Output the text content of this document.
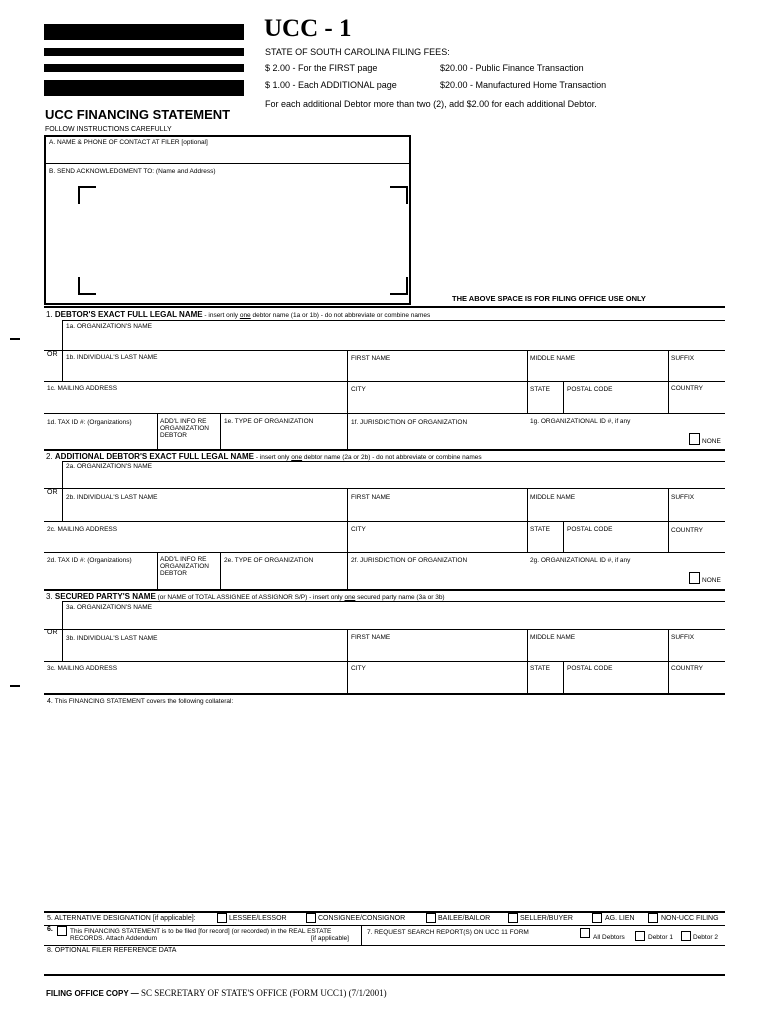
UCC - 1
STATE OF SOUTH CAROLINA FILING FEES:
$ 2.00 - For the FIRST page	$20.00 - Public Finance Transaction
$ 1.00 - Each ADDITIONAL page	$20.00 - Manufactured Home Transaction
For each additional Debtor more than two (2), add $2.00 for each additional Debtor.
UCC FINANCING STATEMENT
FOLLOW INSTRUCTIONS CAREFULLY
A. NAME & PHONE OF CONTACT AT FILER [optional]
B. SEND ACKNOWLEDGMENT TO: (Name and Address)
THE ABOVE SPACE IS FOR FILING OFFICE USE ONLY
1. DEBTOR'S EXACT FULL LEGAL NAME - insert only one debtor name (1a or 1b) - do not abbreviate or combine names
1a. ORGANIZATION'S NAME
OR 1b. INDIVIDUAL'S LAST NAME	FIRST NAME	MIDDLE NAME	SUFFIX
1c. MAILING ADDRESS	CITY	STATE	POSTAL CODE	COUNTRY
1d. TAX ID #: (Organizations)	ADD'L INFO RE ORGANIZATION DEBTOR
1e. TYPE OF ORGANIZATION	1f. JURISDICTION OF ORGANIZATION	1g. ORGANIZATIONAL ID #, if any
NONE
2. ADDITIONAL DEBTOR'S EXACT FULL LEGAL NAME - insert only one debtor name (2a or 2b) - do not abbreviate or combine names
2a. ORGANIZATION'S NAME
OR
2b. INDIVIDUAL'S LAST NAME	FIRST NAME	MIDDLE NAME	SUFFIX
2c. MAILING ADDRESS	CITY	STATE	POSTAL CODE	COUNTRY
2d. TAX ID #: (Organizations)	ADD'L INFO RE ORGANIZATION DEBTOR
2e. TYPE OF ORGANIZATION	2f. JURISDICTION OF ORGANIZATION	2g. ORGANIZATIONAL ID #, if any
NONE
3. SECURED PARTY'S NAME (or NAME of TOTAL ASSIGNEE of ASSIGNOR S/P) - insert only one secured party name (3a or 3b)
3a. ORGANIZATION'S NAME
OR
3b. INDIVIDUAL'S LAST NAME	FIRST NAME	MIDDLE NAME	SUFFIX
3c. MAILING ADDRESS	CITY	STATE	POSTAL CODE	COUNTRY
4. This FINANCING STATEMENT covers the following collateral:
5. ALTERNATIVE DESIGNATION [if applicable]:	LESSEE/LESSOR	CONSIGNEE/CONSIGNOR	BAILEE/BAILOR	SELLER/BUYER	AG. LIEN	NON-UCC FILING
6.	This FINANCING STATEMENT is to be filed [for record] (or recorded) in the REAL ESTATE RECORDS. Attach Addendum	[if applicable]
7. REQUEST SEARCH REPORT(S) ON UCC 11 FORM
All Debtors	Debtor 1	Debtor 2
8. OPTIONAL FILER REFERENCE DATA
FILING OFFICE COPY — SC SECRETARY OF STATE'S OFFICE (FORM UCC1) (7/1/2001)
